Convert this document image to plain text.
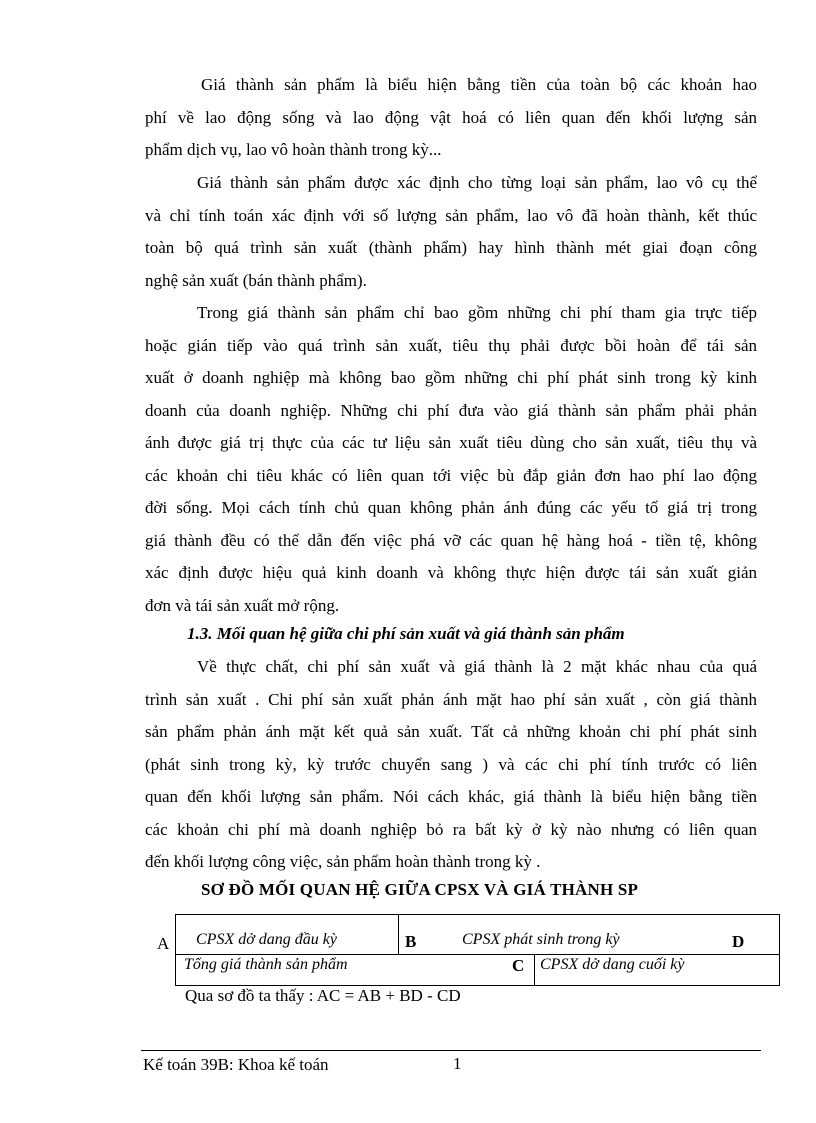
Giá thành sản phẩm là biểu hiện bằng tiền của toàn bộ các khoản hao
phí về lao động sống và lao động vật hoá có liên quan đến khối lượng sản
phẩm dịch vụ, lao vô hoàn thành trong kỳ...
Giá thành sản phẩm được xác định cho từng loại sản phẩm, lao vô cụ thể
và chỉ tính toán xác định với số lượng sản phẩm, lao vô đã hoàn thành, kết thúc
toàn bộ quá trình sản xuất (thành phẩm) hay hình thành mét giai đoạn công
nghệ sản xuất (bán thành phẩm).
Trong giá thành sản phẩm chỉ bao gồm những chi phí tham gia trực tiếp
hoặc gián tiếp vào quá trình sản xuất, tiêu thụ phải được bồi hoàn để tái sản
xuất ở doanh nghiệp mà không bao gồm những chi phí phát sinh trong kỳ kinh
doanh của doanh nghiệp. Những chi phí đưa vào giá thành sản phẩm phải phản
ánh được giá trị thực của các tư liệu sản xuất tiêu dùng cho sản xuất, tiêu thụ và
các khoản chi tiêu khác có liên quan tới việc bù đắp giản đơn hao phí lao động
đời sống. Mọi cách tính chủ quan không phản ánh đúng các yếu tố giá trị trong
giá thành đều có thể dẫn đến việc phá vỡ các quan hệ hàng hoá - tiền tệ, không
xác định được hiệu quả kinh doanh và không thực hiện được tái sản xuất giản
đơn và tái sản xuất mở rộng.
1.3. Mối quan hệ giữa chi phí sản xuất và giá thành sản phẩm
Về thực chất, chi phí sản xuất và giá thành là 2 mặt khác nhau của quá
trình sản xuất . Chi phí sản xuất phản ánh mặt hao phí sản xuất , còn giá thành
sản phẩm phản ánh mặt kết quả sản xuất. Tất cả những khoản chi phí phát sinh
(phát sinh trong kỳ, kỳ trước chuyển sang ) và các chi phí tính trước có liên
quan đến khối lượng sản phẩm. Nói cách khác, giá thành là biểu hiện bằng tiền
các khoản chi phí mà doanh nghiệp bỏ ra bất kỳ ở kỳ nào nhưng có liên quan
đến khối lượng công việc, sản phẩm hoàn thành trong kỳ .
SƠ ĐỒ MỐI QUAN HỆ GIỮA CPSX VÀ GIÁ THÀNH SP
A CPSX dở dang đầu kỳ	B	CPSX phát sinh trong kỳ	D
Tổng giá thành sản phẩm	C CPSX dở dang cuối kỳ
Qua sơ đồ ta thấy : AC = AB + BD - CD
Kế toán 39B: Khoa kế toán	1
